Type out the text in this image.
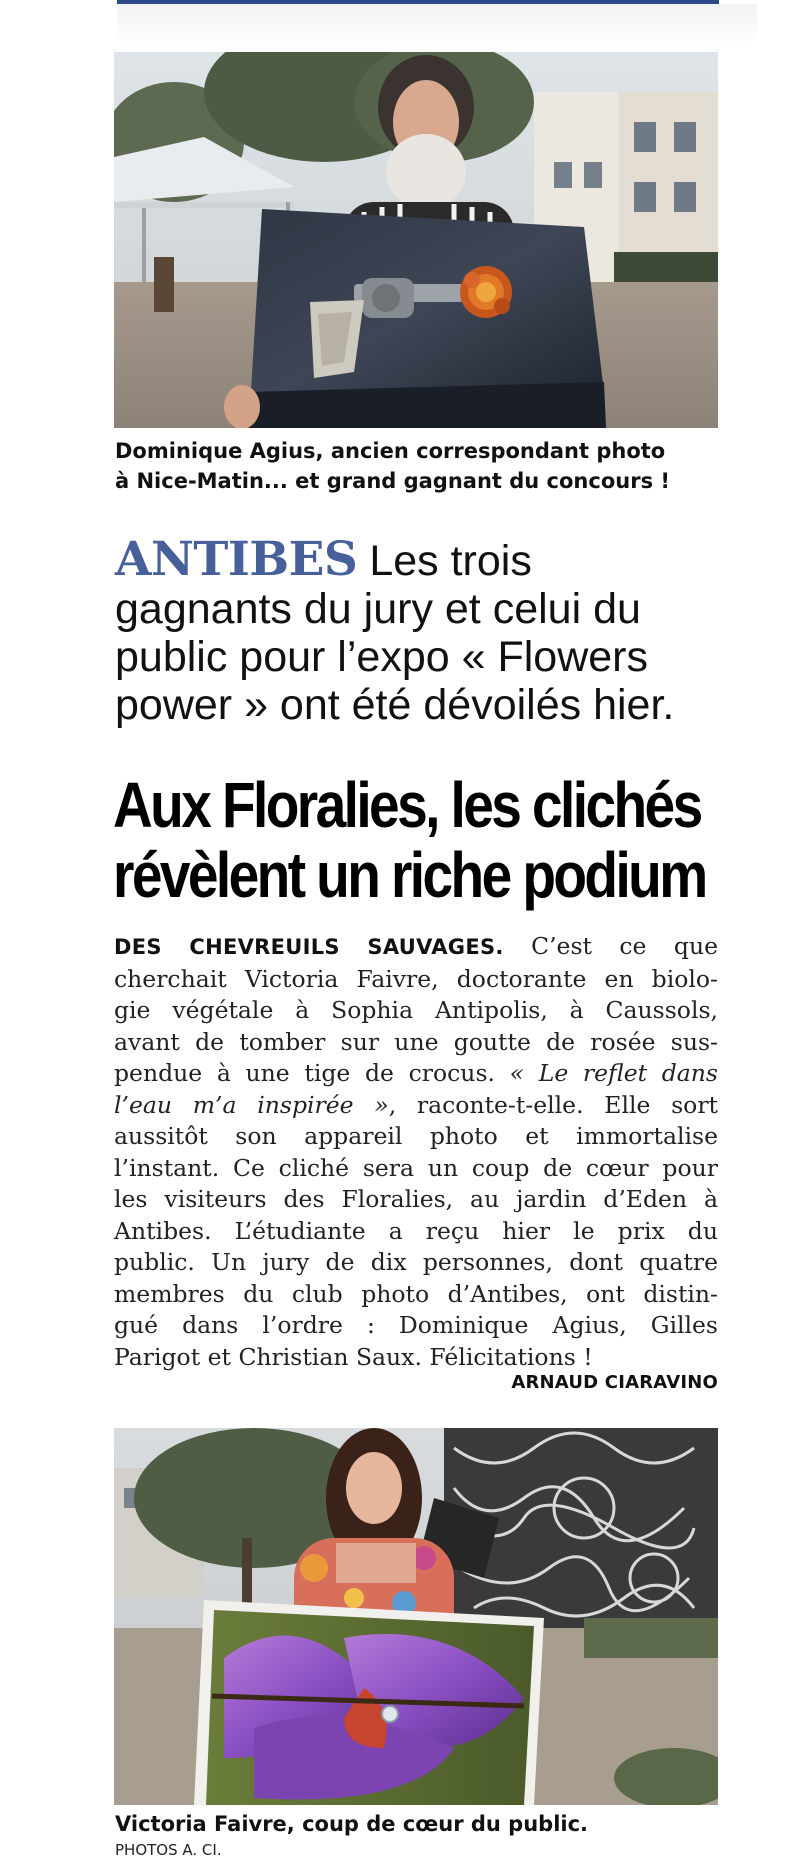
Dominique Agius, ancien correspondant photo
à Nice-Matin... et grand gagnant du concours !
ANTIBES Les trois
gagnants du jury et celui du
public pour l’expo « Flowers
power » ont été dévoilés hier.
Aux Floralies, les clichés
révèlent un riche podium
DES CHEVREUILS SAUVAGES. C’est ce que
cherchait Victoria Faivre, doctorante en biolo-
gie végétale à Sophia Antipolis, à Caussols,
avant de tomber sur une goutte de rosée sus-
pendue à une tige de crocus. « Le reflet dans
l’eau m’a inspirée », raconte-t-elle. Elle sort
aussitôt son appareil photo et immortalise
l’instant. Ce cliché sera un coup de cœur pour
les visiteurs des Floralies, au jardin d’Eden à
Antibes. L’étudiante a reçu hier le prix du
public. Un jury de dix personnes, dont quatre
membres du club photo d’Antibes, ont distin-
gué dans l’ordre : Dominique Agius, Gilles
Parigot et Christian Saux. Félicitations !
ARNAUD CIARAVINO
Victoria Faivre, coup de cœur du public.
PHOTOS A. CI.
